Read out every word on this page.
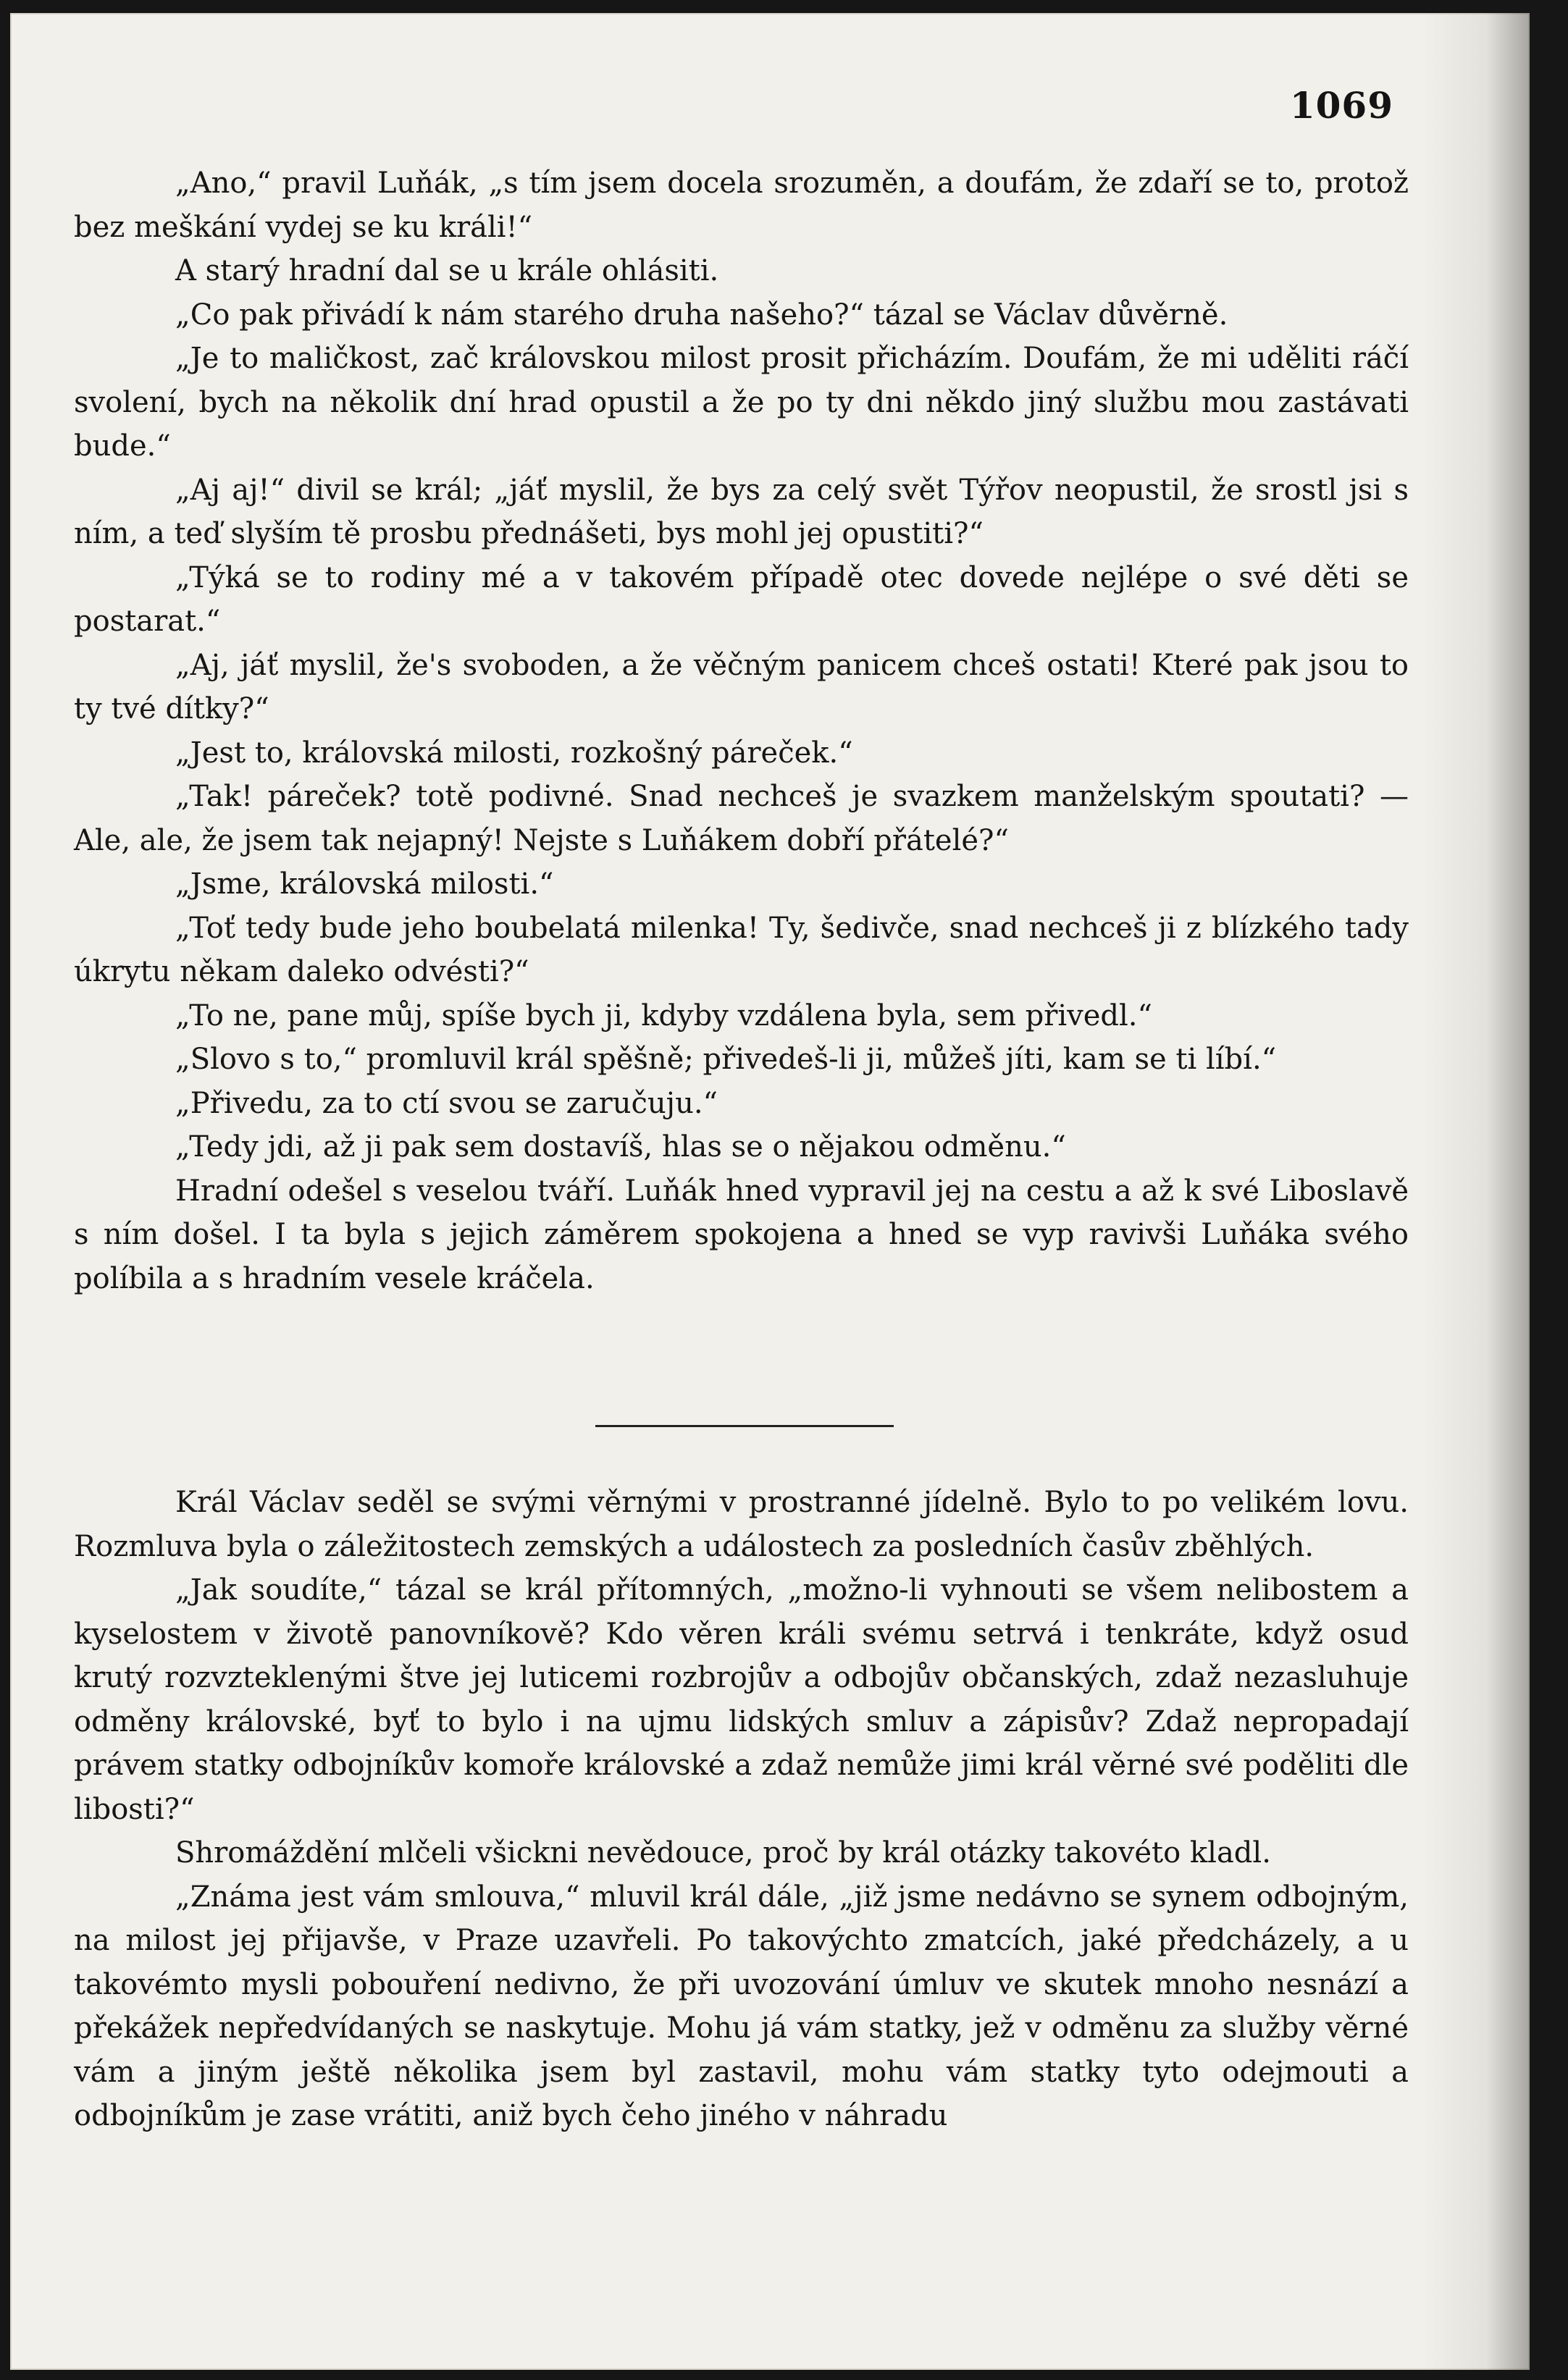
1069

„Ano,“ pravil Luňák, „s tím jsem docela srozuměn, a doufám, že zdaří se to, protož bez meškání vydej se ku králi!“

A starý hradní dal se u krále ohlásiti.

„Co pak přivádí k nám starého druha našeho?“ tázal se Václav důvěrně.

„Je to maličkost, zač královskou milost prosit přicházím. Doufám, že mi uděliti ráčí svolení, bych na několik dní hrad opustil a že po ty dni někdo jiný službu mou zastávati bude.“

„Aj aj!“ divil se král; „jáť myslil, že bys za celý svět Týřov neopustil, že srostl jsi s ním, a teď slyším tě prosbu přednášeti, bys mohl jej opustiti?“

„Týká se to rodiny mé a v takovém případě otec dovede nejlépe o své děti se postarat.“

„Aj, jáť myslil, že's svoboden, a že věčným panicem chceš ostati! Které pak jsou to ty tvé dítky?“

„Jest to, královská milosti, rozkošný páreček.“

„Tak! páreček? totě podivné. Snad nechceš je svazkem manželským spoutati? — Ale, ale, že jsem tak nejapný! Nejste s Luňákem dobří přátelé?“

„Jsme, královská milosti.“

„Toť tedy bude jeho boubelatá milenka! Ty, šedivče, snad nechceš ji z blízkého tady úkrytu někam daleko odvésti?“

„To ne, pane můj, spíše bych ji, kdyby vzdálena byla, sem přivedl.“

„Slovo s to,“ promluvil král spěšně; přivedeš-li ji, můžeš jíti, kam se ti líbí.“

„Přivedu, za to ctí svou se zaručuju.“

„Tedy jdi, až ji pak sem dostavíš, hlas se o nějakou odměnu.“

Hradní odešel s veselou tváří. Luňák hned vypravil jej na cestu a až k své Liboslavě s ním došel. I ta byla s jejich záměrem spokojena a hned se vyp ravivši Luňáka svého políbila a s hradním vesele kráčela.

Král Václav seděl se svými věrnými v prostranné jídelně. Bylo to po velikém lovu. Rozmluva byla o záležitostech zemských a událostech za posledních časův zběhlých.

„Jak soudíte,“ tázal se král přítomných, „možno-li vyhnouti se všem nelibostem a kyselostem v životě panovníkově? Kdo věren králi svému setrvá i tenkráte, když osud krutý rozvzteklenými štve jej luticemi rozbrojův a odbojův občanských, zdaž nezasluhuje odměny královské, byť to bylo i na ujmu lidských smluv a zápisův? Zdaž nepropadají právem statky odbojníkův komoře královské a zdaž nemůže jimi král věrné své poděliti dle libosti?“

Shromáždění mlčeli všickni nevědouce, proč by král otázky takovéto kladl.

„Známa jest vám smlouva,“ mluvil král dále, „již jsme nedávno se synem odbojným, na milost jej přijavše, v Praze uzavřeli. Po takovýchto zmatcích, jaké předcházely, a u takovémto mysli pobouření nedivno, že při uvozování úmluv ve skutek mnoho nesnází a překážek nepředvídaných se naskytuje. Mohu já vám statky, jež v odměnu za služby věrné vám a jiným ještě několika jsem byl zastavil, mohu vám statky tyto odejmouti a odbojníkům je zase vrátiti, aniž bych čeho jiného v náhradu
